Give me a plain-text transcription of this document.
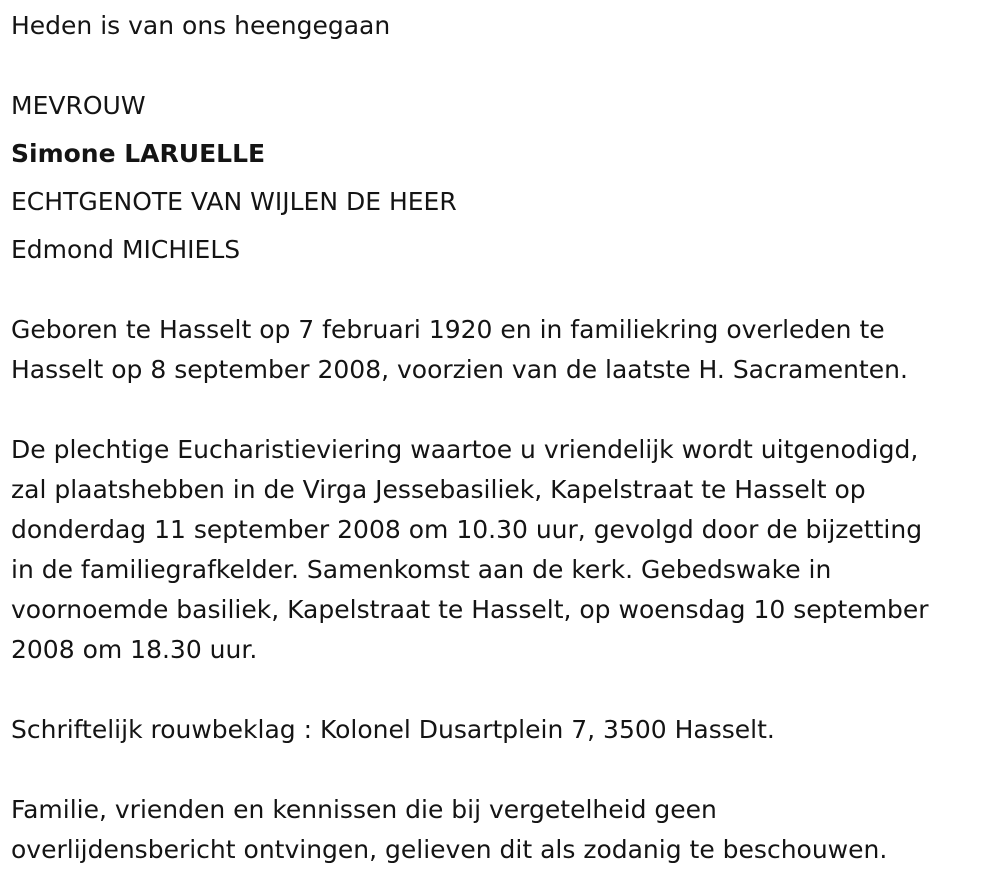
Heden is van ons heengegaan
MEVROUW
Simone LARUELLE
ECHTGENOTE VAN WIJLEN DE HEER
Edmond MICHIELS
Geboren te Hasselt op 7 februari 1920 en in familiekring overleden te
Hasselt op 8 september 2008, voorzien van de laatste H. Sacramenten.
De plechtige Eucharistieviering waartoe u vriendelijk wordt uitgenodigd,
zal plaatshebben in de Virga Jessebasiliek, Kapelstraat te Hasselt op
donderdag 11 september 2008 om 10.30 uur, gevolgd door de bijzetting
in de familiegrafkelder. Samenkomst aan de kerk. Gebedswake in
voornoemde basiliek, Kapelstraat te Hasselt, op woensdag 10 september
2008 om 18.30 uur.
Schriftelijk rouwbeklag : Kolonel Dusartplein 7, 3500 Hasselt.
Familie, vrienden en kennissen die bij vergetelheid geen
overlijdensbericht ontvingen, gelieven dit als zodanig te beschouwen.
